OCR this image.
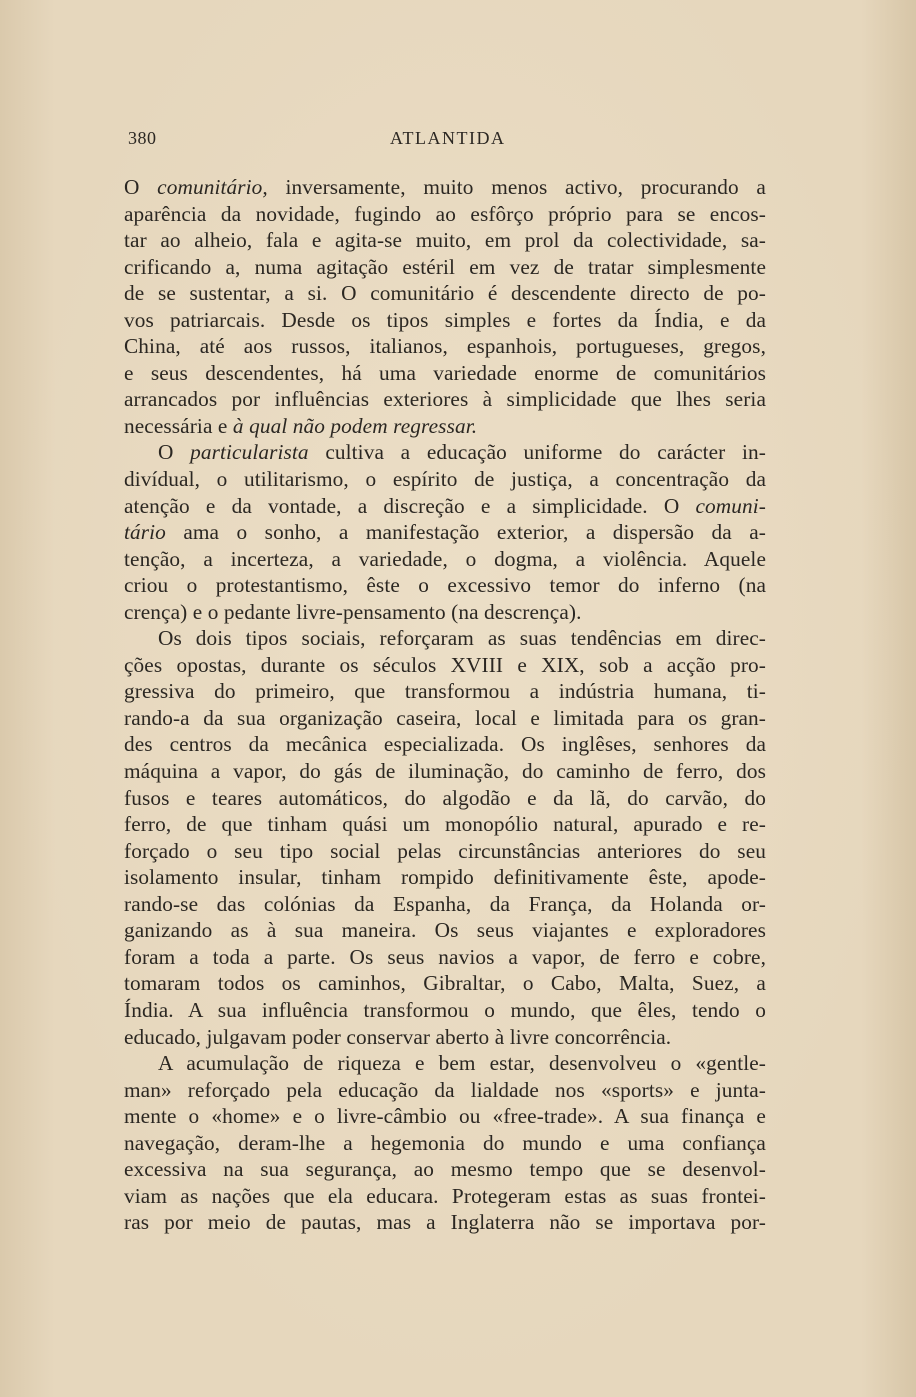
380	ATLANTIDA
O comunitário, inversamente, muito menos activo, procurando a
aparência da novidade, fugindo ao esfôrço próprio para se encos-
tar ao alheio, fala e agita-se muito, em prol da colectividade, sa-
crificando a, numa agitação estéril em vez de tratar simplesmente
de se sustentar, a si. O comunitário é descendente directo de po-
vos patriarcais. Desde os tipos simples e fortes da Índia, e da
China, até aos russos, italianos, espanhois, portugueses, gregos,
e seus descendentes, há uma variedade enorme de comunitários
arrancados por influências exteriores à simplicidade que lhes seria
necessária e à qual não podem regressar.
O particularista cultiva a educação uniforme do carácter in-
divídual, o utilitarismo, o espírito de justiça, a concentração da
atenção e da vontade, a discreção e a simplicidade. O comuni-
tário ama o sonho, a manifestação exterior, a dispersão da a-
tenção, a incerteza, a variedade, o dogma, a violência. Aquele
criou o protestantismo, êste o excessivo temor do inferno (na
crença) e o pedante livre-pensamento (na descrença).
Os dois tipos sociais, reforçaram as suas tendências em direc-
ções opostas, durante os séculos XVIII e XIX, sob a acção pro-
gressiva do primeiro, que transformou a indústria humana, ti-
rando-a da sua organização caseira, local e limitada para os gran-
des centros da mecânica especializada. Os inglêses, senhores da
máquina a vapor, do gás de iluminação, do caminho de ferro, dos
fusos e teares automáticos, do algodão e da lã, do carvão, do
ferro, de que tinham quási um monopólio natural, apurado e re-
forçado o seu tipo social pelas circunstâncias anteriores do seu
isolamento insular, tinham rompido definitivamente êste, apode-
rando-se das colónias da Espanha, da França, da Holanda or-
ganizando as à sua maneira. Os seus viajantes e exploradores
foram a toda a parte. Os seus navios a vapor, de ferro e cobre,
tomaram todos os caminhos, Gibraltar, o Cabo, Malta, Suez, a
Índia. A sua influência transformou o mundo, que êles, tendo o
educado, julgavam poder conservar aberto à livre concorrência.
A acumulação de riqueza e bem estar, desenvolveu o «gentle-
man» reforçado pela educação da lialdade nos «sports» e junta-
mente o «home» e o livre-câmbio ou «free-trade». A sua finança e
navegação, deram-lhe a hegemonia do mundo e uma confiança
excessiva na sua segurança, ao mesmo tempo que se desenvol-
viam as nações que ela educara. Protegeram estas as suas frontei-
ras por meio de pautas, mas a Inglaterra não se importava por-
